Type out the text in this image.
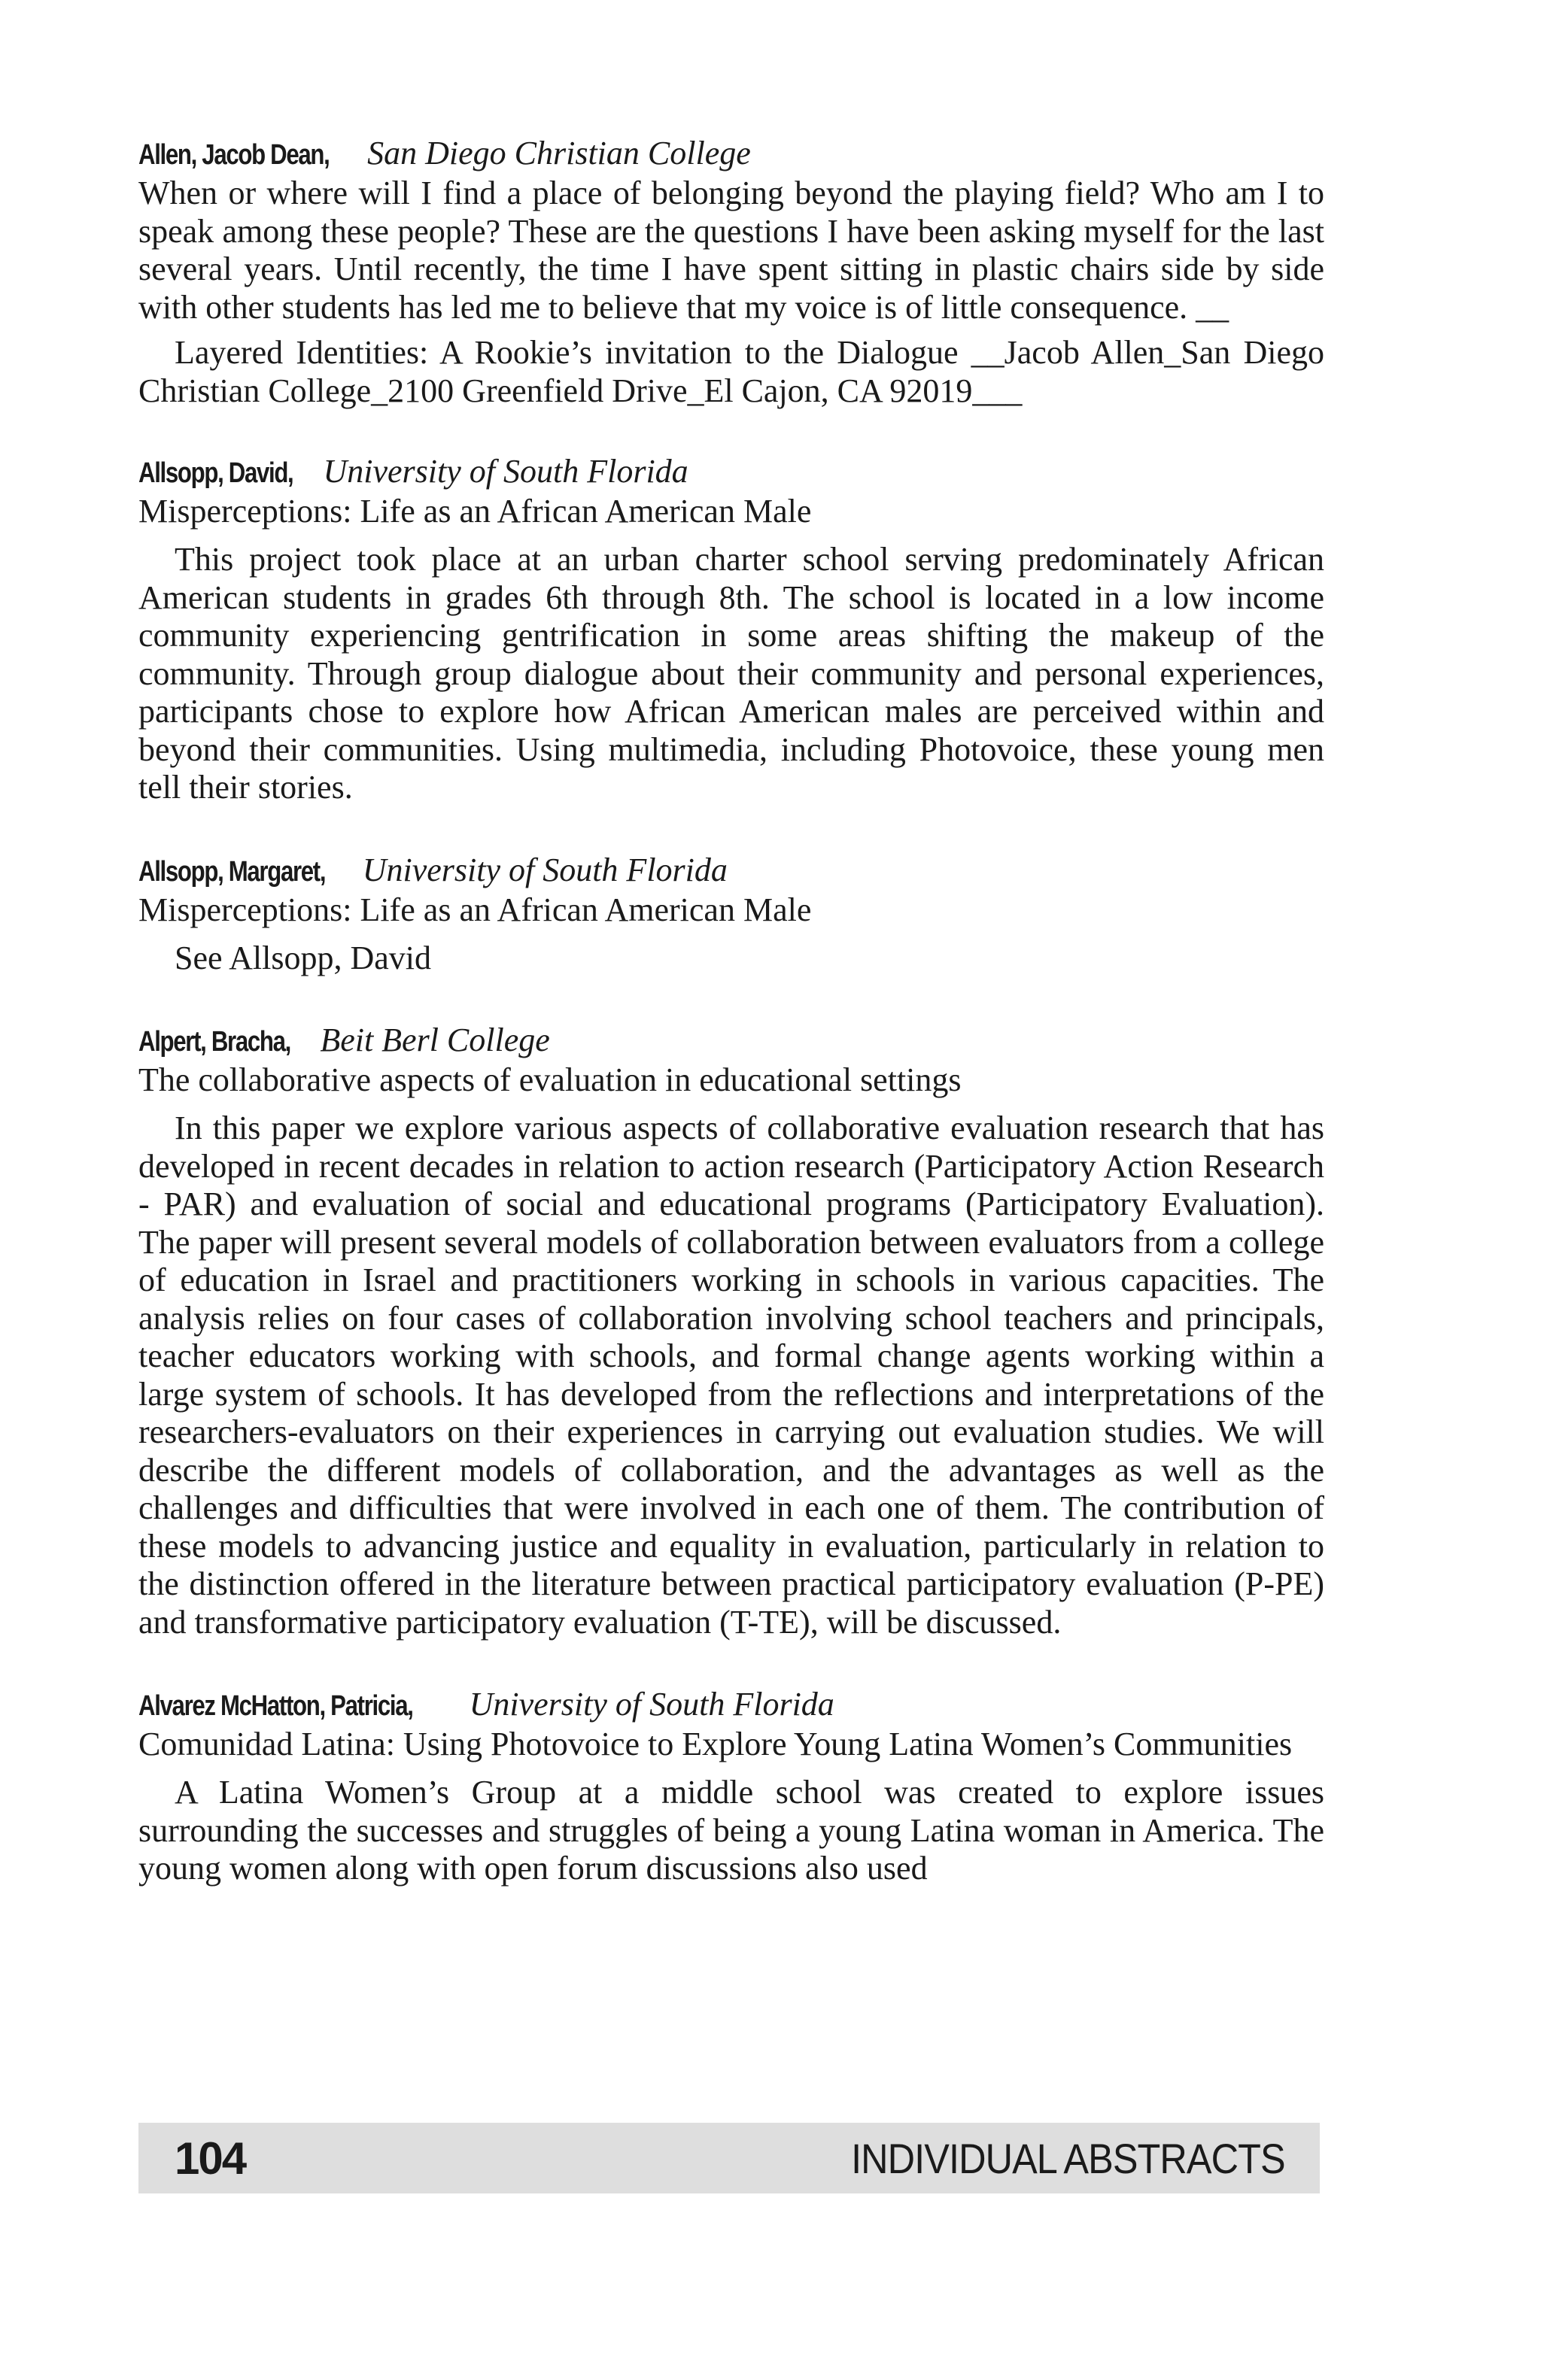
Allen, Jacob Dean, San Diego Christian College

When or where will I find a place of belonging beyond the playing field? Who am I to speak among these people? These are the questions I have been asking myself for the last several years. Until recently, the time I have spent sitting in plastic chairs side by side with other students has led me to believe that my voice is of little consequence. __

Layered Identities: A Rookie’s invitation to the Dialogue __Jacob Allen_San Diego Christian College_2100 Greenfield Drive_El Cajon, CA 92019___

Allsopp, David, University of South Florida

Misperceptions: Life as an African American Male

This project took place at an urban charter school serving predominately African American students in grades 6th through 8th. The school is located in a low income community experiencing gentrification in some areas shifting the makeup of the community. Through group dialogue about their community and personal experiences, participants chose to explore how African American males are perceived within and beyond their communities. Using multimedia, including Photovoice, these young men tell their stories.

Allsopp, Margaret, University of South Florida

Misperceptions: Life as an African American Male

See Allsopp, David

Alpert, Bracha, Beit Berl College

The collaborative aspects of evaluation in educational settings

In this paper we explore various aspects of collaborative evaluation research that has developed in recent decades in relation to action research (Participatory Action Research - PAR) and evaluation of social and educational programs (Participatory Evaluation). The paper will present several models of collaboration between evaluators from a college of education in Israel and practitioners working in schools in various capacities. The analysis relies on four cases of collaboration involving school teachers and principals, teacher educators working with schools, and formal change agents working within a large system of schools. It has developed from the reflections and interpretations of the researchers-evaluators on their experiences in carrying out evaluation studies. We will describe the different models of collaboration, and the advantages as well as the challenges and difficulties that were involved in each one of them. The contribution of these models to advancing justice and equality in evaluation, particularly in relation to the distinction offered in the literature between practical participatory evaluation (P-PE) and transformative participatory evaluation (T-TE), will be discussed.

Alvarez McHatton, Patricia, University of South Florida

Comunidad Latina: Using Photovoice to Explore Young Latina Women’s Communities

A Latina Women’s Group at a middle school was created to explore issues surrounding the successes and struggles of being a young Latina woman in America. The young women along with open forum discussions also used

104	INDIVIDUAL ABSTRACTS
